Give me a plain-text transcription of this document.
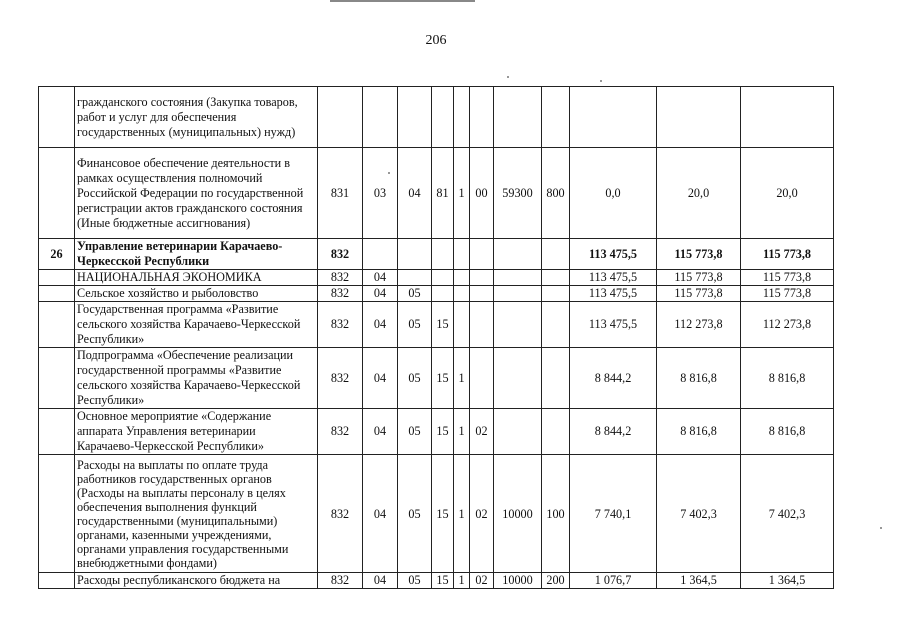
206
	гражданского состояния (Закупка товаров, работ и услуг для обеспечения государственных (муниципальных) нужд)											
	Финансовое обеспечение деятельности в рамках осуществления полномочий Российской Федерации по государственной регистрации актов гражданского состояния (Иные бюджетные ассигнования)	831	03	04	81	1	00	59300	800	0,0	20,0	20,0
26	Управление ветеринарии Карачаево-Черкесской Республики	832								113 475,5	115 773,8	115 773,8
	НАЦИОНАЛЬНАЯ ЭКОНОМИКА	832	04							113 475,5	115 773,8	115 773,8
	Сельское хозяйство и рыболовство	832	04	05						113 475,5	115 773,8	115 773,8
	Государственная программа «Развитие сельского хозяйства Карачаево-Черкесской Республики»	832	04	05	15					113 475,5	112 273,8	112 273,8
	Подпрограмма «Обеспечение реализации государственной программы «Развитие сельского хозяйства Карачаево-Черкесской Республики»	832	04	05	15	1				8 844,2	8 816,8	8 816,8
	Основное мероприятие «Содержание аппарата Управления ветеринарии Карачаево-Черкесской Республики»	832	04	05	15	1	02			8 844,2	8 816,8	8 816,8
	Расходы на выплаты по оплате труда работников государственных органов (Расходы на выплаты персоналу в целях обеспечения выполнения функций государственными (муниципальными) органами, казенными учреждениями, органами управления государственными внебюджетными фондами)	832	04	05	15	1	02	10000	100	7 740,1	7 402,3	7 402,3
	Расходы республиканского бюджета на	832	04	05	15	1	02	10000	200	1 076,7	1 364,5	1 364,5
